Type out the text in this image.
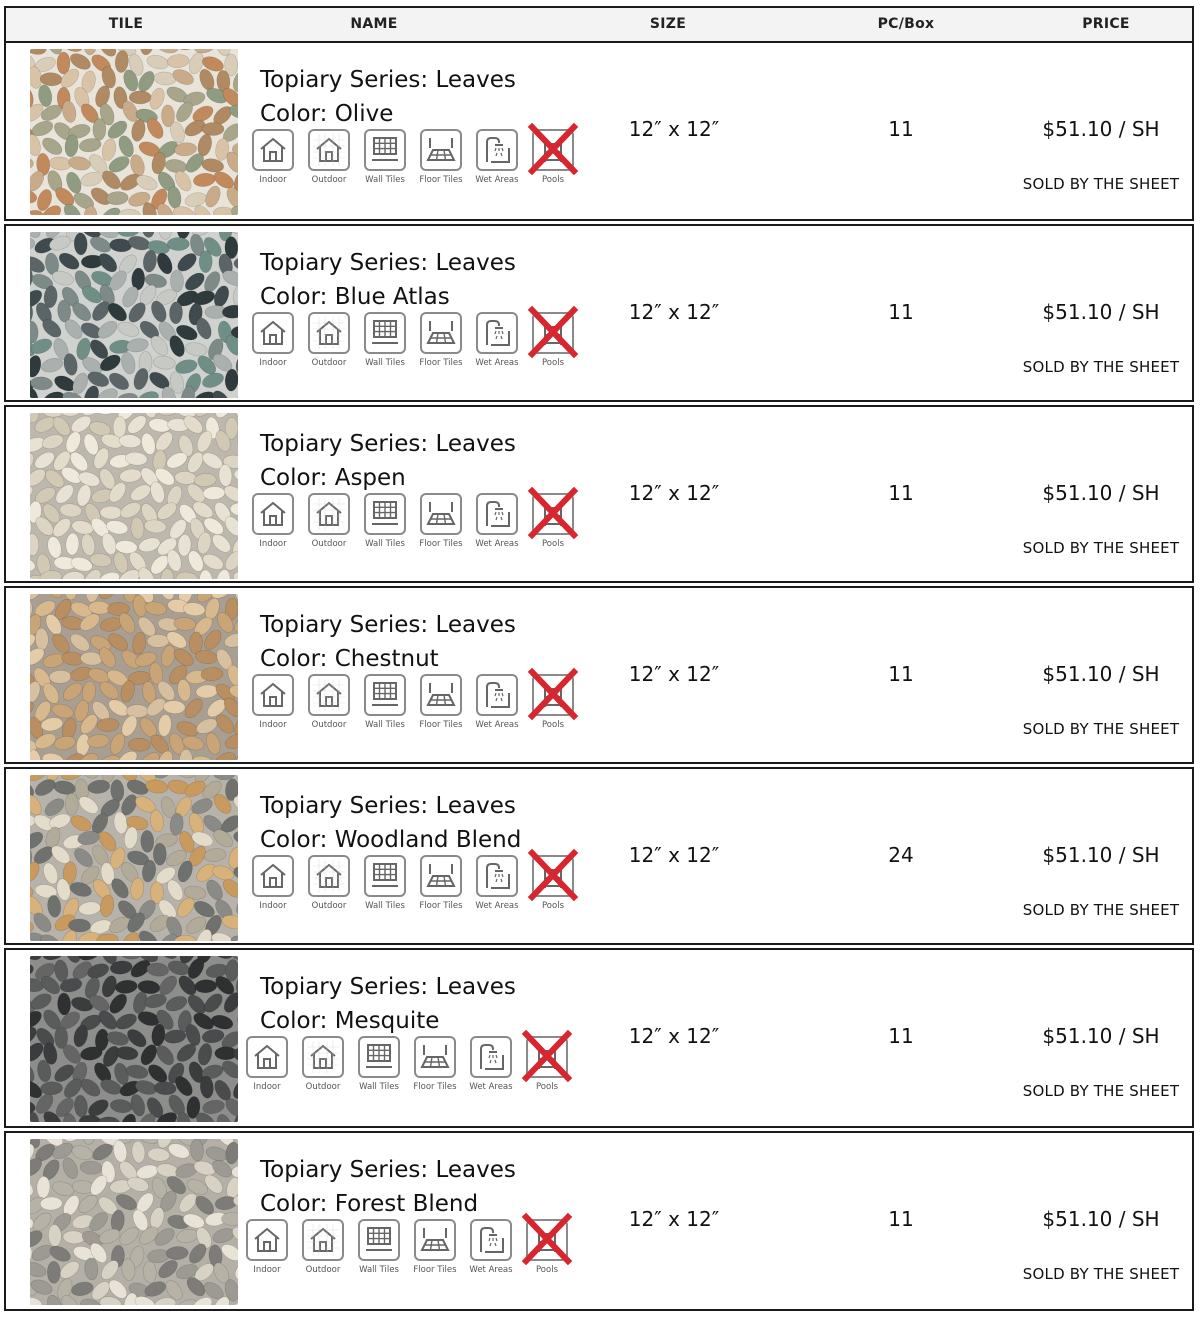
TILE	NAME	SIZE	PC/Box	PRICE
Topiary Series: Leaves
Color: Olive
Indoor	Outdoor	Wall Tiles	Floor Tiles	Wet Areas	Pools
12″ x 12″	11	$51.10 / SH
SOLD BY THE SHEET
Topiary Series: Leaves
Color: Blue Atlas
Indoor	Outdoor	Wall Tiles	Floor Tiles	Wet Areas	Pools
12″ x 12″	11	$51.10 / SH
SOLD BY THE SHEET
Topiary Series: Leaves
Color: Aspen
Indoor	Outdoor	Wall Tiles	Floor Tiles	Wet Areas	Pools
12″ x 12″	11	$51.10 / SH
SOLD BY THE SHEET
Topiary Series: Leaves
Color: Chestnut
Indoor	Outdoor	Wall Tiles	Floor Tiles	Wet Areas	Pools
12″ x 12″	11	$51.10 / SH
SOLD BY THE SHEET
Topiary Series: Leaves
Color: Woodland Blend
Indoor	Outdoor	Wall Tiles	Floor Tiles	Wet Areas	Pools
12″ x 12″	24	$51.10 / SH
SOLD BY THE SHEET
Topiary Series: Leaves
Color: Mesquite
Indoor	Outdoor	Wall Tiles	Floor Tiles	Wet Areas	Pools
12″ x 12″	11	$51.10 / SH
SOLD BY THE SHEET
Topiary Series: Leaves
Color: Forest Blend
Indoor	Outdoor	Wall Tiles	Floor Tiles	Wet Areas	Pools
12″ x 12″	11	$51.10 / SH
SOLD BY THE SHEET
